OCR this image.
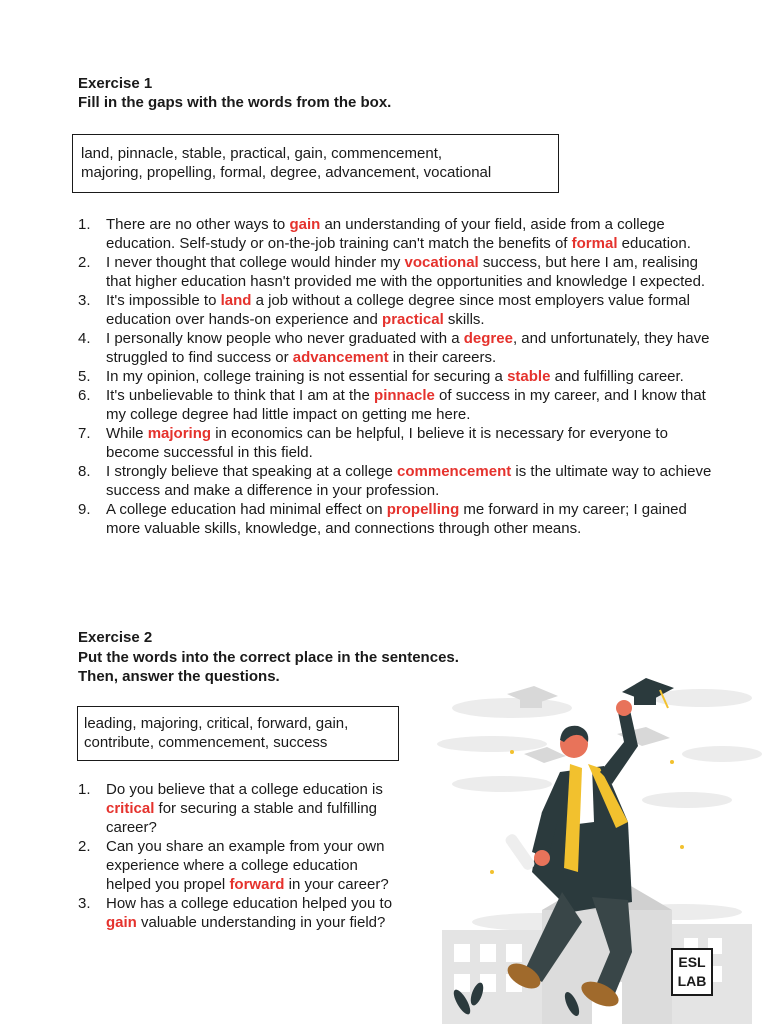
Exercise 1
Fill in the gaps with the words from the box.
land, pinnacle, stable, practical, gain, commencement,
majoring, propelling, formal, degree, advancement, vocational
1. There are no other ways to gain an understanding of your field, aside from a college education. Self-study or on-the-job training can't match the benefits of formal education.
2. I never thought that college would hinder my vocational success, but here I am, realising that higher education hasn't provided me with the opportunities and knowledge I expected.
3. It's impossible to land a job without a college degree since most employers value formal education over hands-on experience and practical skills.
4. I personally know people who never graduated with a degree, and unfortunately, they have struggled to find success or advancement in their careers.
5. In my opinion, college training is not essential for securing a stable and fulfilling career.
6. It's unbelievable to think that I am at the pinnacle of success in my career, and I know that my college degree had little impact on getting me here.
7. While majoring in economics can be helpful, I believe it is necessary for everyone to become successful in this field.
8. I strongly believe that speaking at a college commencement is the ultimate way to achieve success and make a difference in your profession.
9. A college education had minimal effect on propelling me forward in my career; I gained more valuable skills, knowledge, and connections through other means.
Exercise 2
Put the words into the correct place in the sentences.
Then, answer the questions.
leading, majoring, critical, forward, gain,
contribute, commencement, success
1. Do you believe that a college education is critical for securing a stable and fulfilling career?
2. Can you share an example from your own experience where a college education helped you propel forward in your career?
3. How has a college education helped you to gain valuable understanding in your field?
ESL
LAB
